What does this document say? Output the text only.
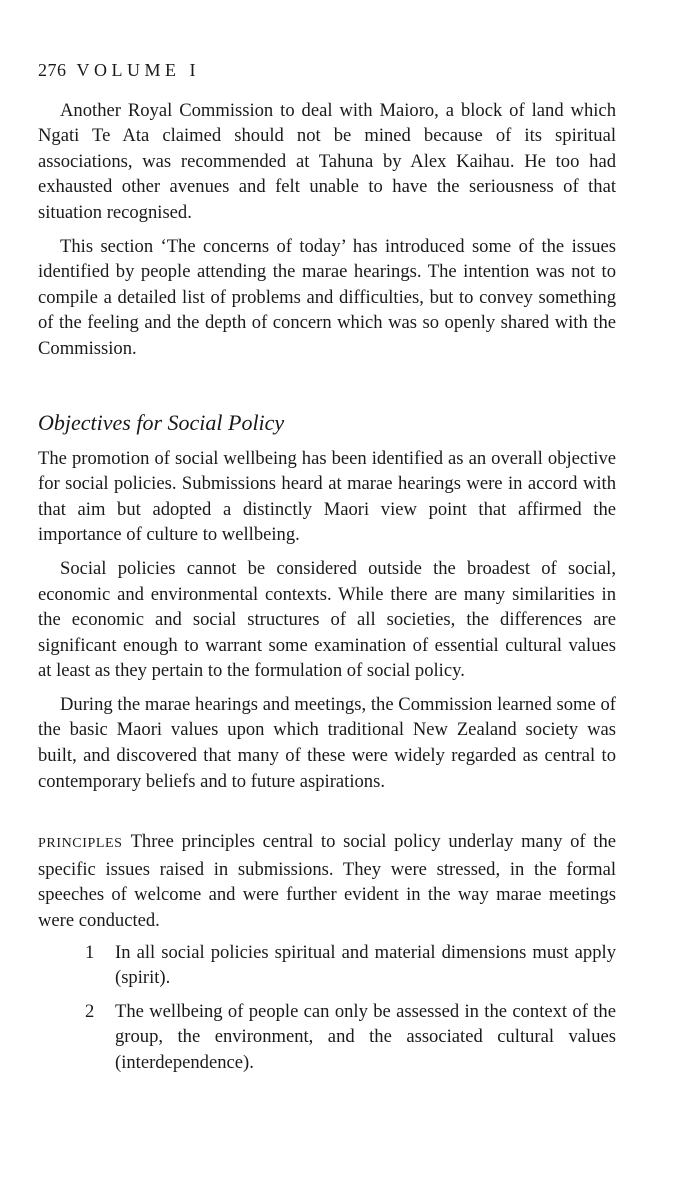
276 VOLUME I

Another Royal Commission to deal with Maioro, a block of land which Ngati Te Ata claimed should not be mined because of its spiritual associations, was recommended at Tahuna by Alex Kaihau. He too had exhausted other avenues and felt unable to have the seriousness of that situation recognised.

This section ‘The concerns of today’ has introduced some of the issues identified by people attending the marae hearings. The intention was not to compile a detailed list of problems and difficulties, but to convey something of the feeling and the depth of concern which was so openly shared with the Commission.

Objectives for Social Policy

The promotion of social wellbeing has been identified as an overall objective for social policies. Submissions heard at marae hearings were in accord with that aim but adopted a distinctly Maori view point that affirmed the importance of culture to wellbeing.

Social policies cannot be considered outside the broadest of social, economic and environmental contexts. While there are many similarities in the economic and social structures of all societies, the differences are significant enough to warrant some examination of essential cultural values at least as they pertain to the formulation of social policy.

During the marae hearings and meetings, the Commission learned some of the basic Maori values upon which traditional New Zealand society was built, and discovered that many of these were widely regarded as central to contemporary beliefs and to future aspirations.

PRINCIPLES Three principles central to social policy underlay many of the specific issues raised in submissions. They were stressed, in the formal speeches of welcome and were further evident in the way marae meetings were conducted.

1 In all social policies spiritual and material dimensions must apply (spirit).
2 The wellbeing of people can only be assessed in the context of the group, the environment, and the associated cultural values (interdependence).
